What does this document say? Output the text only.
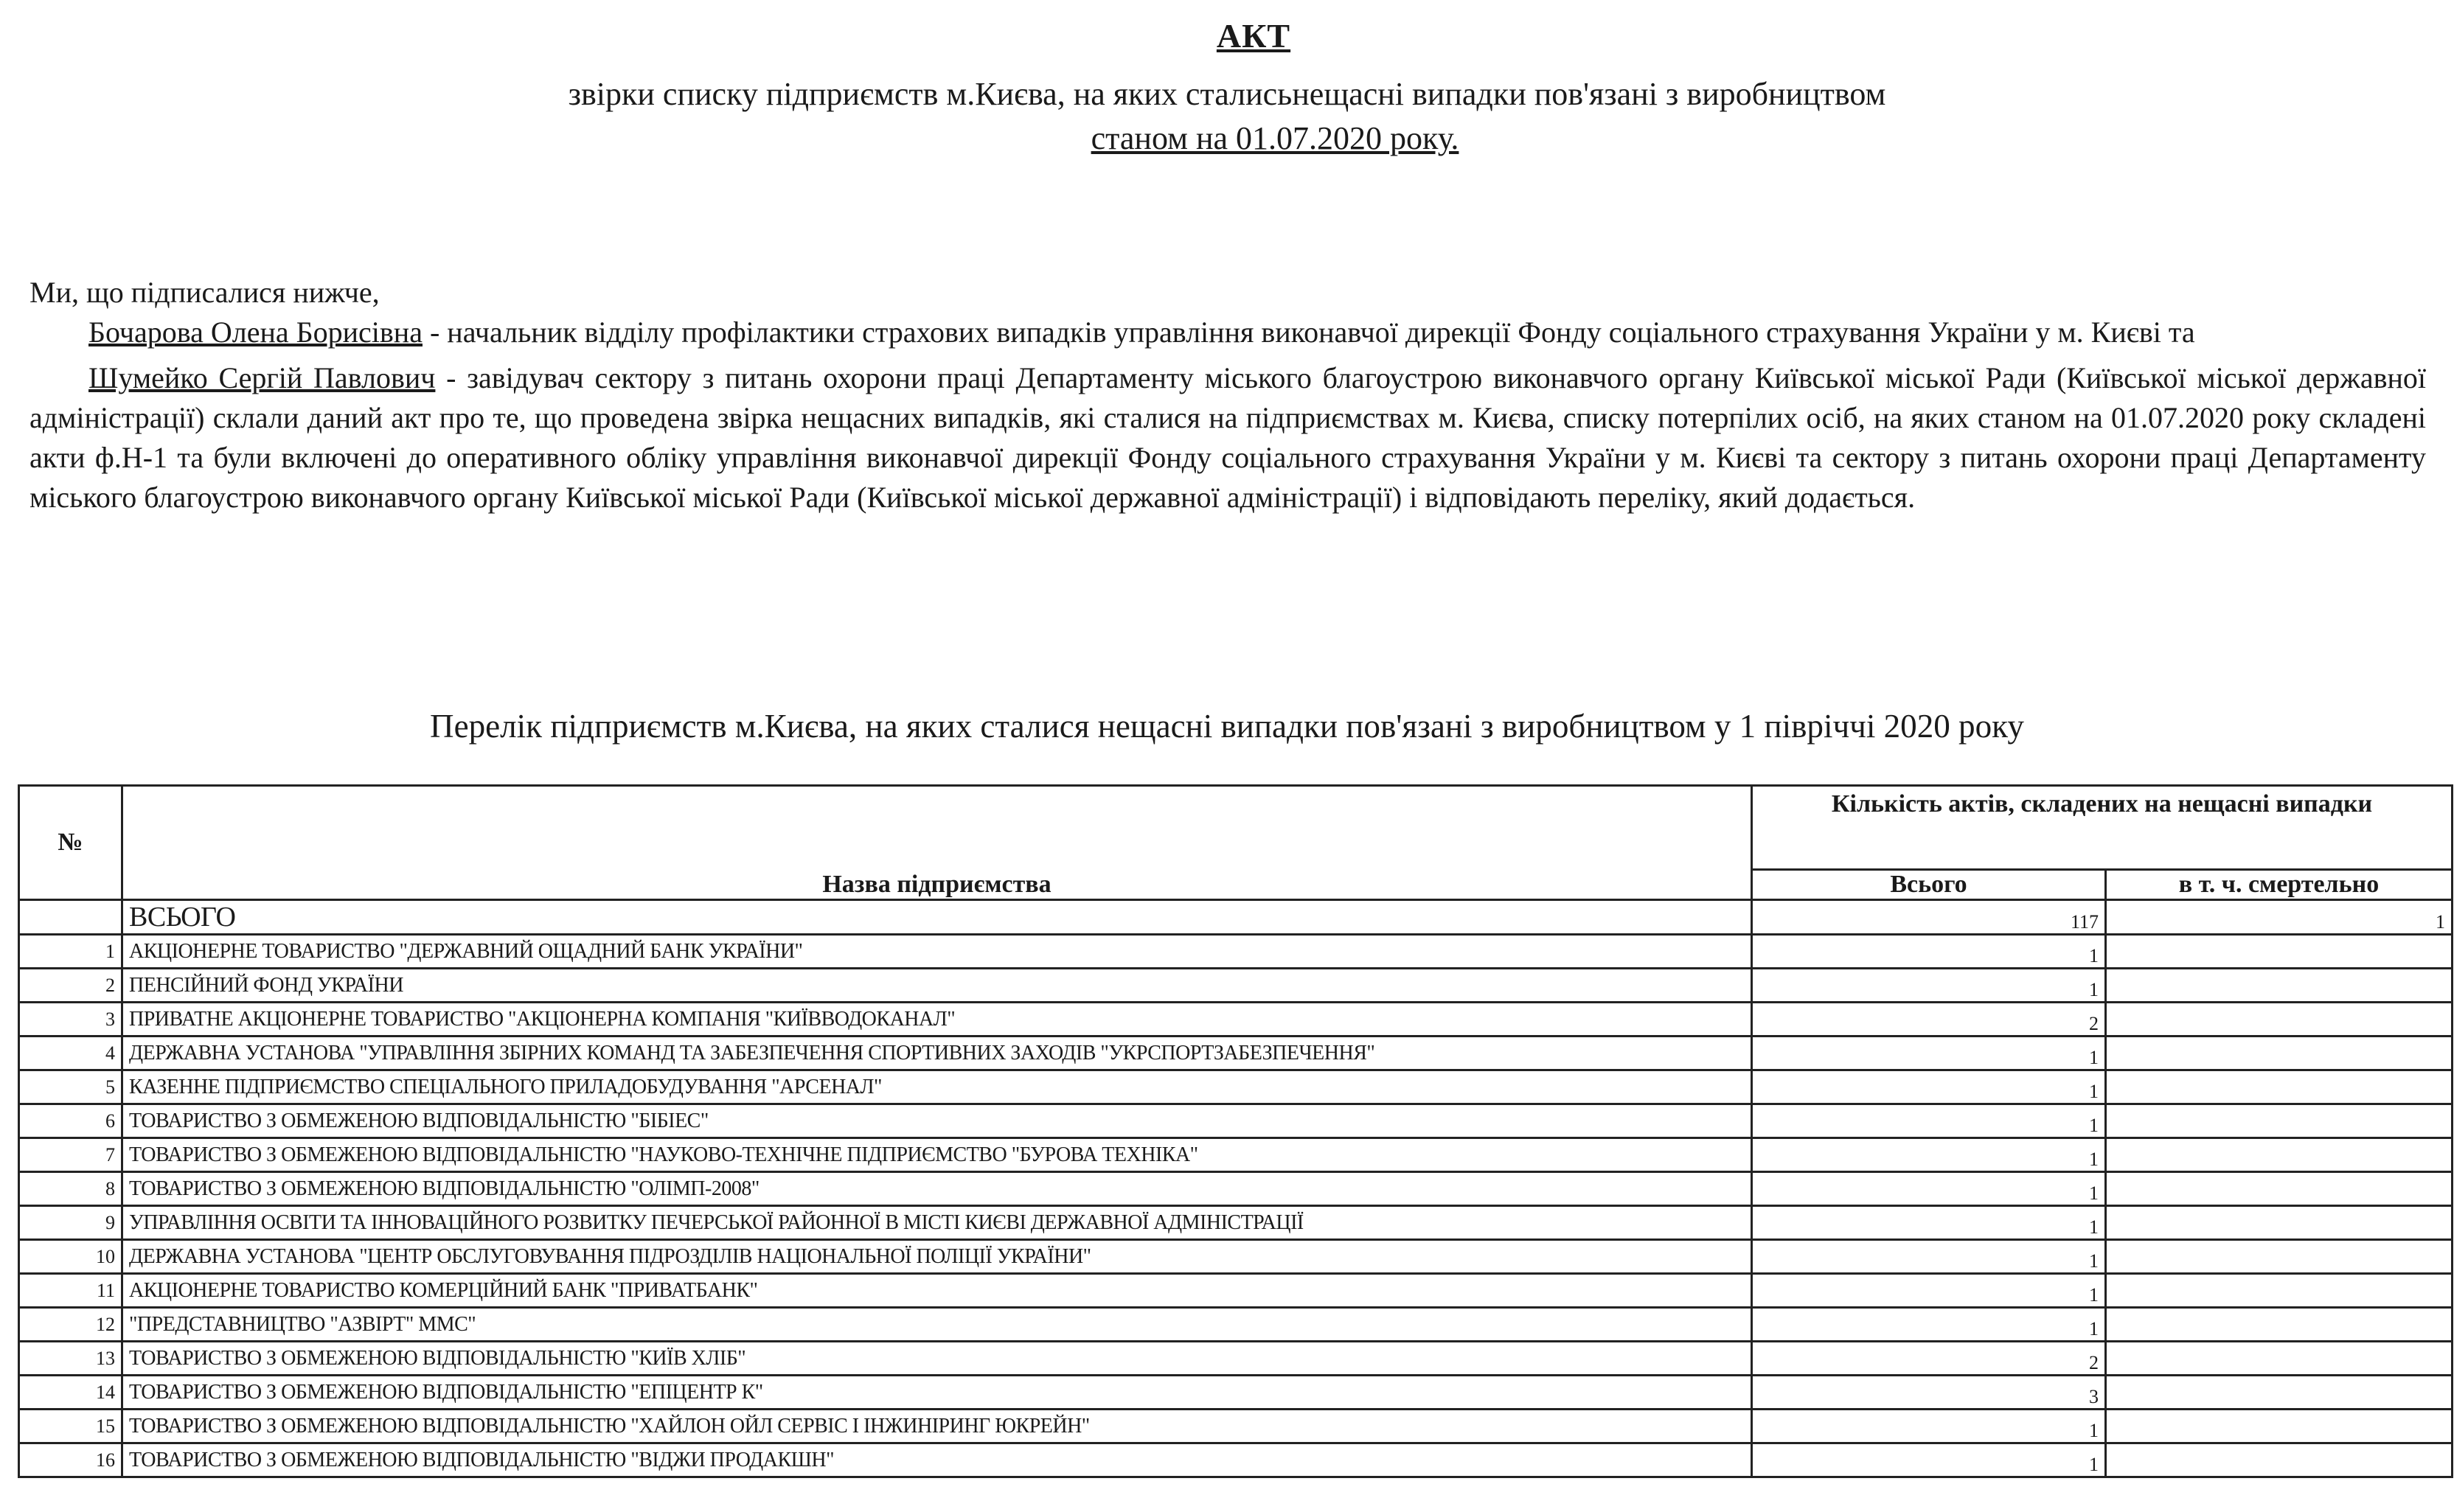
АКТ
звірки списку підприємств м.Києва, на яких сталисьнещасні випадки пов'язані з виробництвом
станом на 01.07.2020 року.

Ми, що підписалися нижче,

Бочарова Олена Борисівна - начальник відділу профілактики страхових випадків управління виконавчої дирекції Фонду соціального страхування України у м. Києві та

Шумейко Сергій Павлович - завідувач сектору з питань охорони праці Департаменту міського благоустрою виконавчого органу Київської міської Ради (Київської міської державної адміністрації) склали даний акт про те, що проведена звірка нещасних випадків, які сталися на підприємствах м. Києва, списку потерпілих осіб, на яких станом на 01.07.2020 року складені акти ф.Н-1 та були включені до оперативного обліку управління виконавчої дирекції Фонду соціального страхування України у м. Києві та сектору з питань охорони праці Департаменту міського благоустрою виконавчого органу Київської міської Ради (Київської міської державної адміністрації) і відповідають переліку, який додається.

Перелік підприємств м.Києва, на яких сталися нещасні випадки пов'язані з виробництвом у 1 півріччі 2020 року
№	Назва підприємства	Кількість актів, складених на нещасні випадки	
		Всього	в т. ч. смертельно
	ВСЬОГО	117	1
1	АКЦІОНЕРНЕ ТОВАРИСТВО "ДЕРЖАВНИЙ ОЩАДНИЙ БАНК УКРАЇНИ"	1	
2	ПЕНСІЙНИЙ ФОНД УКРАЇНИ	1	
3	ПРИВАТНЕ АКЦІОНЕРНЕ ТОВАРИСТВО "АКЦІОНЕРНА КОМПАНІЯ "КИЇВВОДОКАНАЛ"	2	
4	ДЕРЖАВНА УСТАНОВА "УПРАВЛІННЯ ЗБІРНИХ КОМАНД ТА ЗАБЕЗПЕЧЕННЯ СПОРТИВНИХ ЗАХОДІВ "УКРСПОРТЗАБЕЗПЕЧЕННЯ"	1	
5	КАЗЕННЕ ПІДПРИЄМСТВО СПЕЦІАЛЬНОГО ПРИЛАДОБУДУВАННЯ "АРСЕНАЛ"	1	
6	ТОВАРИСТВО З ОБМЕЖЕНОЮ ВІДПОВІДАЛЬНІСТЮ "БІБІЕС"	1	
7	ТОВАРИСТВО З ОБМЕЖЕНОЮ ВІДПОВІДАЛЬНІСТЮ "НАУКОВО-ТЕХНІЧНЕ ПІДПРИЄМСТВО "БУРОВА ТЕХНІКА"	1	
8	ТОВАРИСТВО З ОБМЕЖЕНОЮ ВІДПОВІДАЛЬНІСТЮ "ОЛІМП-2008"	1	
9	УПРАВЛІННЯ ОСВІТИ ТА ІННОВАЦІЙНОГО РОЗВИТКУ ПЕЧЕРСЬКОЇ РАЙОННОЇ В МІСТІ КИЄВІ ДЕРЖАВНОЇ АДМІНІСТРАЦІЇ	1	
10	ДЕРЖАВНА УСТАНОВА "ЦЕНТР ОБСЛУГОВУВАННЯ ПІДРОЗДІЛІВ НАЦІОНАЛЬНОЇ ПОЛІЦІЇ УКРАЇНИ"	1	
11	АКЦІОНЕРНЕ ТОВАРИСТВО КОМЕРЦІЙНИЙ БАНК "ПРИВАТБАНК"	1	
12	"ПРЕДСТАВНИЦТВО "АЗВІРТ" ММС"	1	
13	ТОВАРИСТВО З ОБМЕЖЕНОЮ ВІДПОВІДАЛЬНІСТЮ "КИЇВ ХЛІБ"	2	
14	ТОВАРИСТВО З ОБМЕЖЕНОЮ ВІДПОВІДАЛЬНІСТЮ "ЕПІЦЕНТР К"	3	
15	ТОВАРИСТВО З ОБМЕЖЕНОЮ ВІДПОВІДАЛЬНІСТЮ "ХАЙЛОН ОЙЛ СЕРВІС І ІНЖИНІРИНГ ЮКРЕЙН"	1	
16	ТОВАРИСТВО З ОБМЕЖЕНОЮ ВІДПОВІДАЛЬНІСТЮ "ВІДЖИ ПРОДАКШН"	1	
